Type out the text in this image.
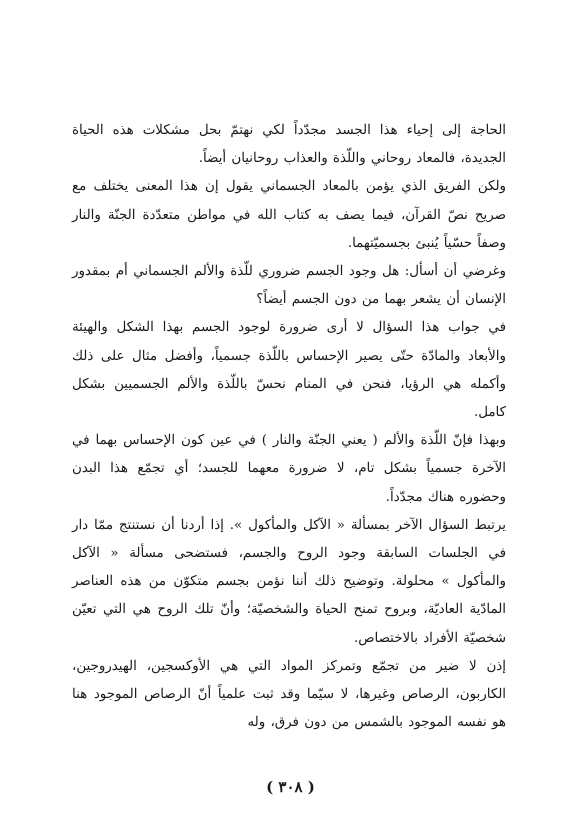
الحاجة إلى إحياء هذا الجسد مجدّداً لكي نهتمّ بحل مشكلات هذه الحياة الجديدة، فالمعاد روحاني واللّذة والعذاب روحانيان أيضاً.

ولكن الفريق الذي يؤمن بالمعاد الجسماني يقول إن هذا المعنى يختلف مع صريح نصّ القرآن، فيما يصف به كتاب الله في مواطن متعدّدة الجنّة والنار وصفاً حسّياً يُنبئ بجسميّتهما.

وغرضي أن أسأل: هل وجود الجسم ضروري للّذة والألم الجسماني أم بمقدور الإنسان أن يشعر بهما من دون الجسم أيضاً؟

في جواب هذا السؤال لا أرى ضرورة لوجود الجسم بهذا الشكل والهيئة والأبعاد والمادّة حتّى يصير الإحساس باللّذة جسمياً، وأفضل مثال على ذلك وأكمله هي الرؤيا، فنحن في المنام نحسّ باللّذة والألم الجسميين بشكل كامل.

وبهذا فإنّ اللّذة والألم ( يعني الجنّة والنار ) في عين كون الإحساس بهما في الآخرة جسمياً بشكل تام، لا ضرورة معهما للجسد؛ أي تجمّع هذا البدن وحضوره هناك مجدّداً.

يرتبط السؤال الآخر بمسألة « الآكل والمأكول ». إذا أردنا أن نستنتج ممّا دار في الجلسات السابقة وجود الروح والجسم، فستضحى مسألة « الآكل والمأكول » محلولة. وتوضيح ذلك أننا نؤمن بجسم متكوّن من هذه العناصر المادّية العاديّة، وبروح تمنح الحياة والشخصيّة؛ وأنّ تلك الروح هي التي تعيّن شخصيّة الأفراد بالاختصاص.

إذن لا ضير من تجمّع وتمركز المواد التي هي الأوكسجين، الهيدروجين، الكاربون، الرصاص وغيرها، لا سيّما وقد ثبت علمياً أنّ الرصاص الموجود هنا هو نفسه الموجود بالشمس من دون فرق، وله

( ٣٠٨ )
